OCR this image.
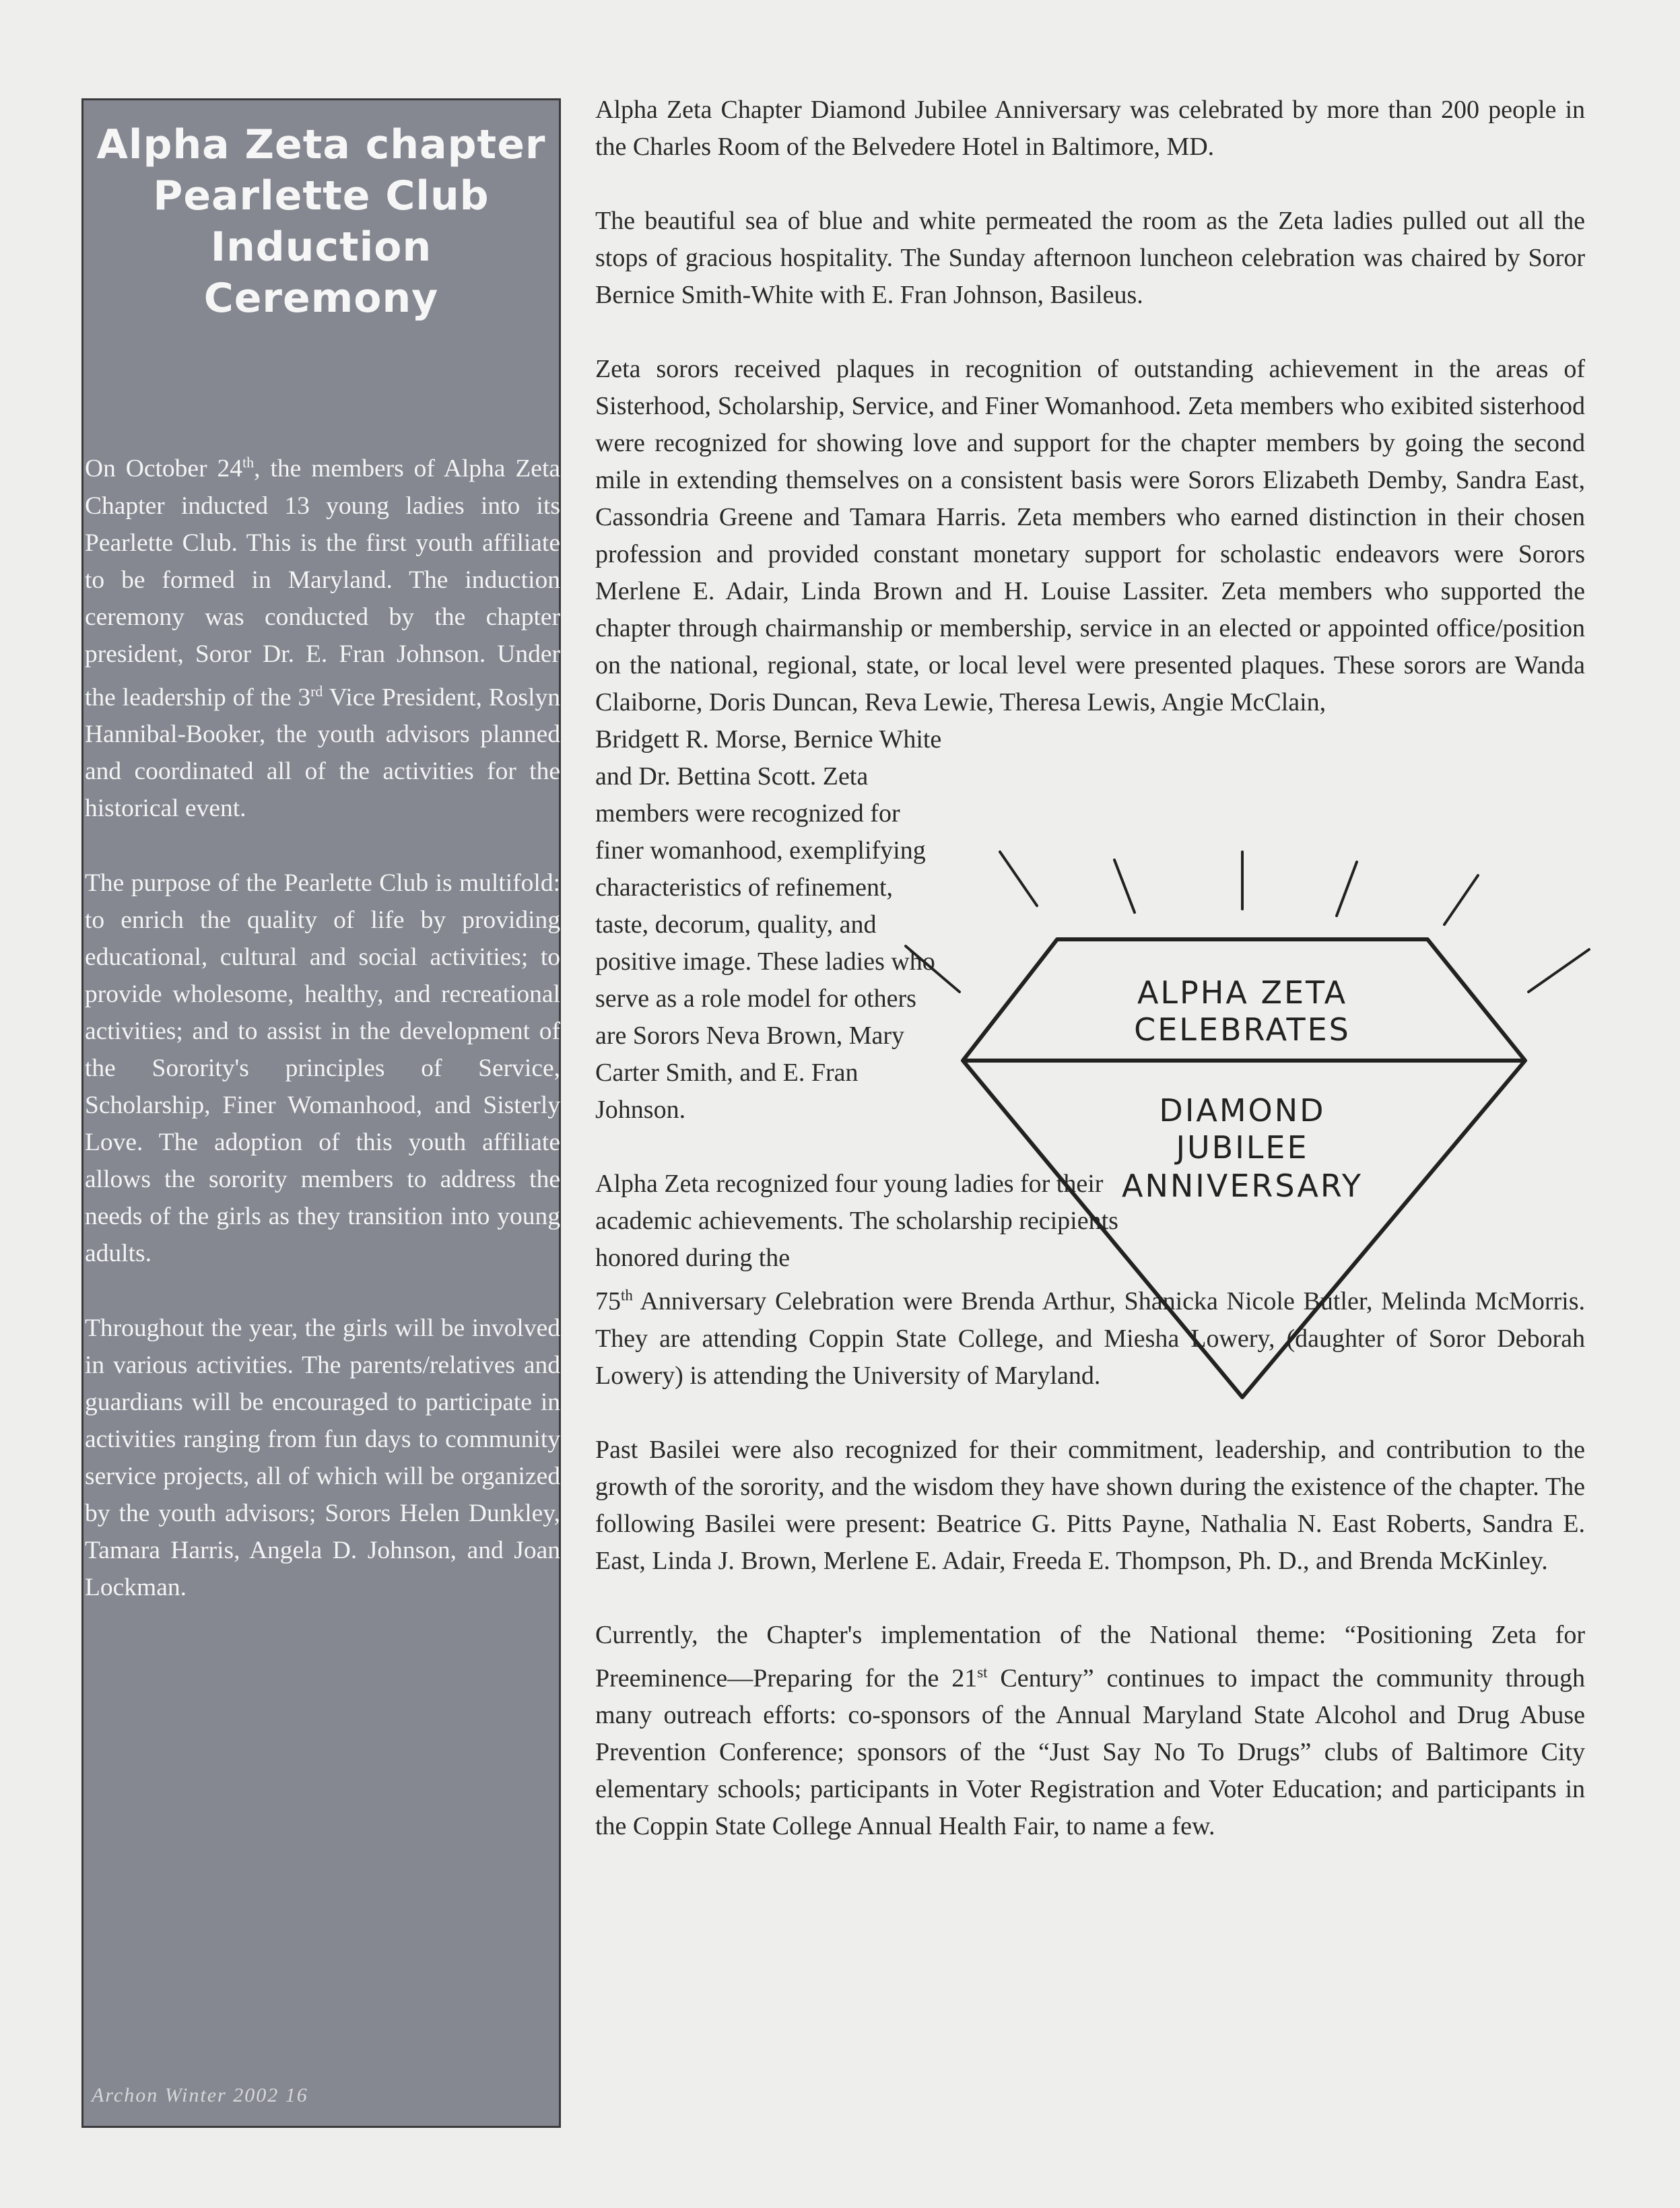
Alpha Zeta chapter
Pearlette Club
Induction Ceremony

On October 24th, the members of Alpha Zeta Chapter inducted 13 young ladies into its Pearlette Club. This is the first youth affiliate to be formed in Maryland. The induction ceremony was conducted by the chapter president, Soror Dr. E. Fran Johnson. Under the leadership of the 3rd Vice President, Roslyn Hannibal-Booker, the youth advisors planned and coordinated all of the activities for the historical event.

The purpose of the Pearlette Club is multifold: to enrich the quality of life by providing educational, cultural and social activities; to provide wholesome, healthy, and recreational activities; and to assist in the development of the Sorority's principles of Service, Scholarship, Finer Womanhood, and Sisterly Love. The adoption of this youth affiliate allows the sorority members to address the needs of the girls as they transition into young adults.

Throughout the year, the girls will be involved in various activities. The parents/relatives and guardians will be encouraged to participate in activities ranging from fun days to community service projects, all of which will be organized by the youth advisors; Sorors Helen Dunkley, Tamara Harris, Angela D. Johnson, and Joan Lockman.

Archon Winter 2002 16

Alpha Zeta Chapter Diamond Jubilee Anniversary was celebrated by more than 200 people in the Charles Room of the Belvedere Hotel in Baltimore, MD.

The beautiful sea of blue and white permeated the room as the Zeta ladies pulled out all the stops of gracious hospitality. The Sunday afternoon luncheon celebration was chaired by Soror Bernice Smith-White with E. Fran Johnson, Basileus.

Zeta sorors received plaques in recognition of outstanding achievement in the areas of Sisterhood, Scholarship, Service, and Finer Womanhood. Zeta members who exibited sisterhood were recognized for showing love and support for the chapter members by going the second mile in extending themselves on a consistent basis were Sorors Elizabeth Demby, Sandra East, Cassondria Greene and Tamara Harris. Zeta members who earned distinction in their chosen profession and provided constant monetary support for scholastic endeavors were Sorors Merlene E. Adair, Linda Brown and H. Louise Lassiter. Zeta members who supported the chapter through chairmanship or membership, service in an elected or appointed office/position on the national, regional, state, or local level were presented plaques. These sorors are Wanda Claiborne, Doris Duncan, Reva Lewie, Theresa Lewis, Angie McClain,

Bridgett R. Morse, Bernice White and Dr. Bettina Scott. Zeta members were recognized for finer womanhood, exemplifying characteristics of refinement, taste, decorum, quality, and positive image. These ladies who serve as a role model for others are Sorors Neva Brown, Mary Carter Smith, and E. Fran Johnson.
Alpha Zeta recognized four young ladies for their academic achievements. The scholarship recipients honored during the

75th Anniversary Celebration were Brenda Arthur, Shanicka Nicole Butler, Melinda McMorris. They are attending Coppin State College, and Miesha Lowery, (daughter of Soror Deborah Lowery) is attending the University of Maryland.

Past Basilei were also recognized for their commitment, leadership, and contribution to the growth of the sorority, and the wisdom they have shown during the existence of the chapter. The following Basilei were present: Beatrice G. Pitts Payne, Nathalia N. East Roberts, Sandra E. East, Linda J. Brown, Merlene E. Adair, Freeda E. Thompson, Ph. D., and Brenda McKinley.

Currently, the Chapter's implementation of the National theme: “Positioning Zeta for Preeminence—Preparing for the 21st Century” continues to impact the community through many outreach efforts: co-sponsors of the Annual Maryland State Alcohol and Drug Abuse Prevention Conference; sponsors of the “Just Say No To Drugs” clubs of Baltimore City elementary schools; participants in Voter Registration and Voter Education; and participants in the Coppin State College Annual Health Fair, to name a few.

ALPHA ZETA
CELEBRATES
DIAMOND
JUBILEE
ANNIVERSARY
